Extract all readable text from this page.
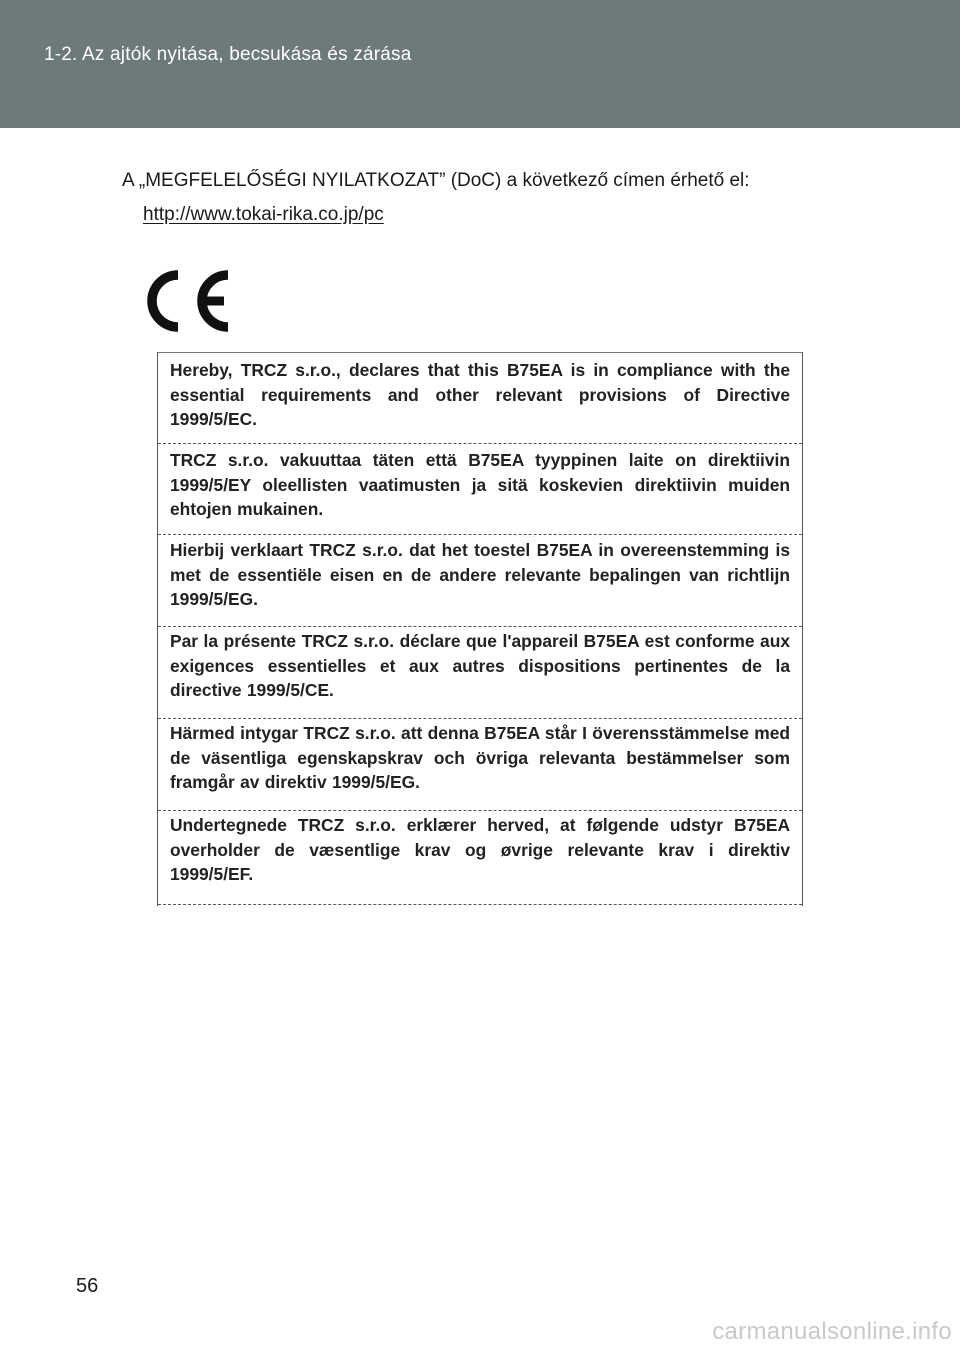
1-2. Az ajtók nyitása, becsukása és zárása
A „MEGFELELŐSÉGI NYILATKOZAT” (DoC) a következő címen érhető el:
http://www.tokai-rika.co.jp/pc
Hereby, TRCZ s.r.o., declares that this B75EA is in compliance with the essential requirements and other relevant provisions of Directive 1999/5/EC.
TRCZ s.r.o. vakuuttaa täten että B75EA tyyppinen laite on direktiivin 1999/5/EY oleellisten vaatimusten ja sitä koskevien direktiivin muiden ehtojen mukainen.
Hierbij verklaart TRCZ s.r.o. dat het toestel B75EA in overeenstemming is met de essentiële eisen en de andere relevante bepalingen van richtlijn 1999/5/EG.
Par la présente TRCZ s.r.o. déclare que l'appareil B75EA est conforme aux exigences essentielles et aux autres dispositions pertinentes de la directive 1999/5/CE.
Härmed intygar TRCZ s.r.o. att denna B75EA står I överensstämmelse med de väsentliga egenskapskrav och övriga relevanta bestämmelser som framgår av direktiv 1999/5/EG.
Undertegnede TRCZ s.r.o. erklærer herved, at følgende udstyr B75EA overholder de væsentlige krav og øvrige relevante krav i direktiv 1999/5/EF.
56
carmanualsonline.info
